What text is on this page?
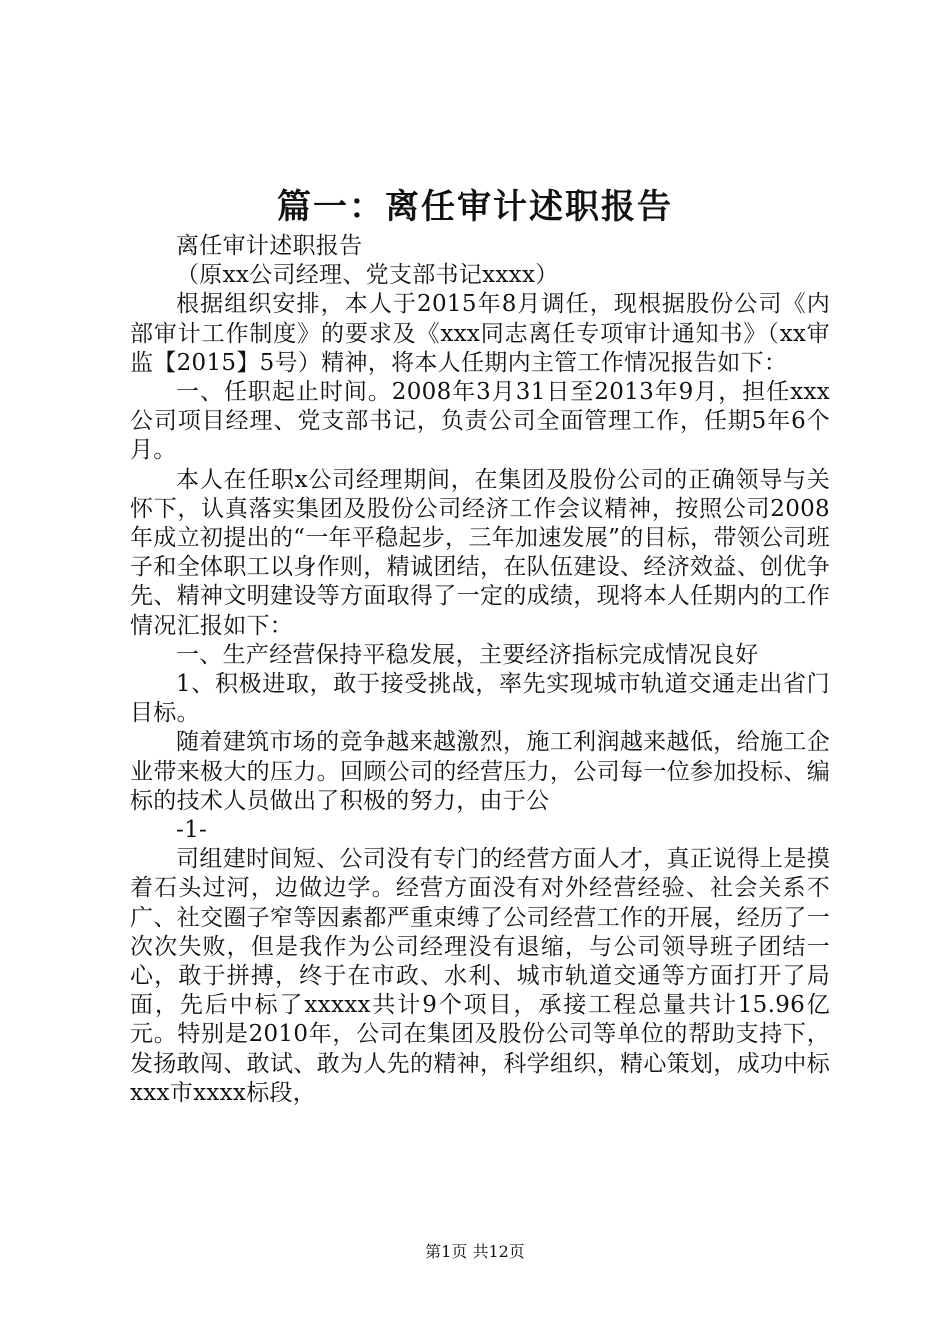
篇一：离任审计述职报告

离任审计述职报告

（原xx公司经理、党支部书记xxxx）

根据组织安排，本人于2015年8月调任，现根据股份公司《内部审计工作制度》的要求及《xxx同志离任专项审计通知书》（xx审监【2015】5号）精神，将本人任期内主管工作情况报告如下：

一、任职起止时间。2008年3月31日至2013年9月，担任xxx公司项目经理、党支部书记，负责公司全面管理工作，任期5年6个月。

本人在任职x公司经理期间，在集团及股份公司的正确领导与关怀下，认真落实集团及股份公司经济工作会议精神，按照公司2008年成立初提出的“一年平稳起步，三年加速发展”的目标，带领公司班子和全体职工以身作则，精诚团结，在队伍建设、经济效益、创优争先、精神文明建设等方面取得了一定的成绩，现将本人任期内的工作情况汇报如下：

一、生产经营保持平稳发展，主要经济指标完成情况良好

1、积极进取，敢于接受挑战，率先实现城市轨道交通走出省门目标。

随着建筑市场的竞争越来越激烈，施工利润越来越低，给施工企业带来极大的压力。回顾公司的经营压力，公司每一位参加投标、编标的技术人员做出了积极的努力，由于公

-1-

司组建时间短、公司没有专门的经营方面人才，真正说得上是摸着石头过河，边做边学。经营方面没有对外经营经验、社会关系不广、社交圈子窄等因素都严重束缚了公司经营工作的开展，经历了一次次失败，但是我作为公司经理没有退缩，与公司领导班子团结一心，敢于拼搏，终于在市政、水利、城市轨道交通等方面打开了局面，先后中标了xxxxx共计9个项目，承接工程总量共计15.96亿元。特别是2010年，公司在集团及股份公司等单位的帮助支持下，发扬敢闯、敢试、敢为人先的精神，科学组织，精心策划，成功中标xxx市xxxx标段，

第1页 共12页
